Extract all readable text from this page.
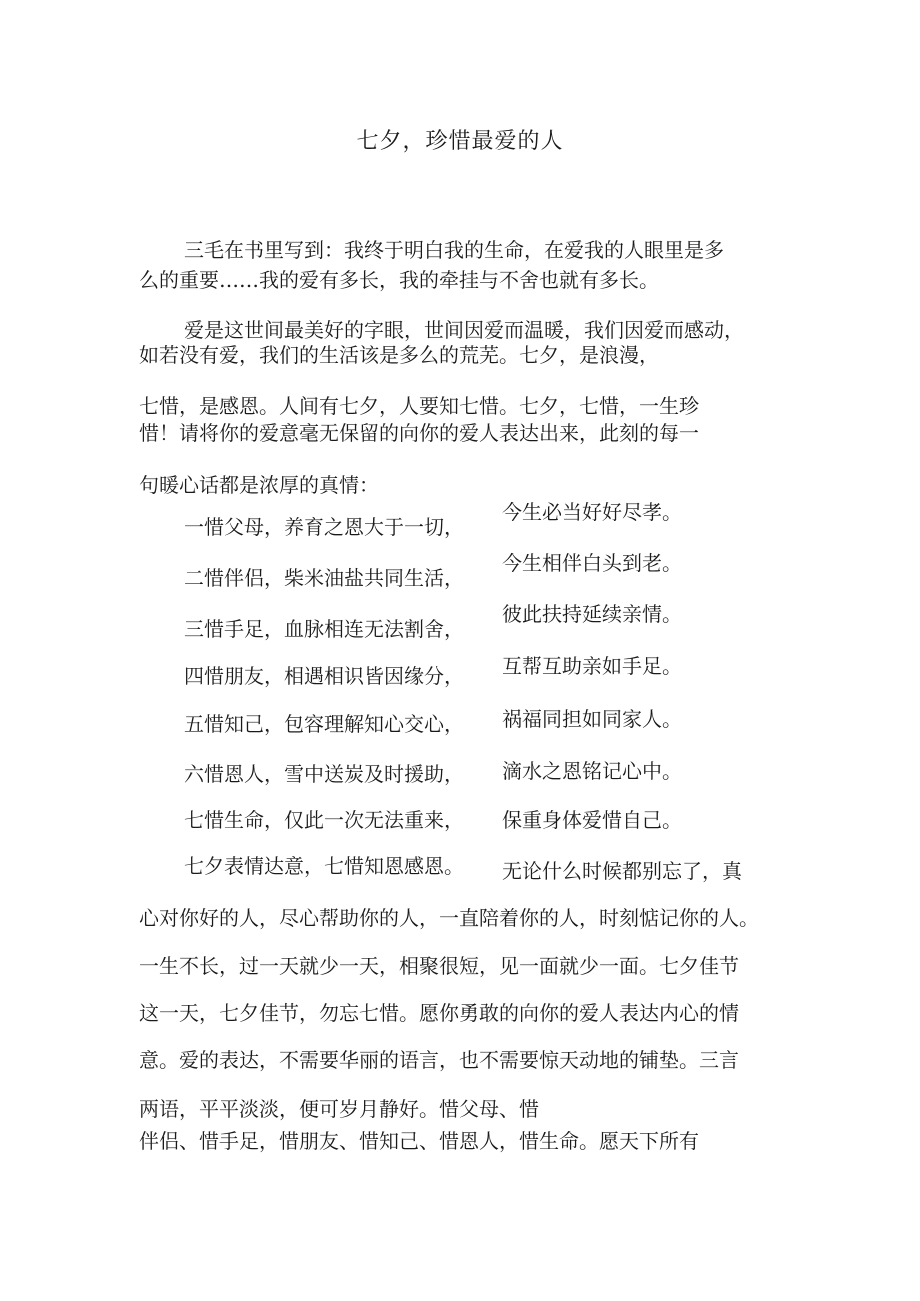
七夕，珍惜最爱的人
三毛在书里写到：我终于明白我的生命，在爱我的人眼里是多
么的重要……我的爱有多长，我的牵挂与不舍也就有多长。
爱是这世间最美好的字眼，世间因爱而温暖，我们因爱而感动，
如若没有爱，我们的生活该是多么的荒芜。七夕，是浪漫，
七惜，是感恩。人间有七夕，人要知七惜。七夕，七惜，一生珍
惜！请将你的爱意毫无保留的向你的爱人表达出来，此刻的每一
句暖心话都是浓厚的真情：
一惜父母，养育之恩大于一切，
今生必当好好尽孝。
二惜伴侣，柴米油盐共同生活，
今生相伴白头到老。
三惜手足，血脉相连无法割舍，
彼此扶持延续亲情。
四惜朋友，相遇相识皆因缘分， 互帮互助亲如手足。
五惜知己，包容理解知心交心， 祸福同担如同家人。
六惜恩人，雪中送炭及时援助， 滴水之恩铭记心中。
七惜生命，仅此一次无法重来， 保重身体爱惜自己。
七夕表情达意，七惜知恩感恩。 无论什么时候都别忘了，真
心对你好的人，尽心帮助你的人，一直陪着你的人，时刻惦记你的人。
一生不长，过一天就少一天，相聚很短，见一面就少一面。七夕佳节
这一天，七夕佳节，勿忘七惜。愿你勇敢的向你的爱人表达内心的情
意。爱的表达，不需要华丽的语言，也不需要惊天动地的铺垫。三言
两语，平平淡淡，便可岁月静好。惜父母、惜
伴侣、惜手足，惜朋友、惜知己、惜恩人，惜生命。愿天下所有
